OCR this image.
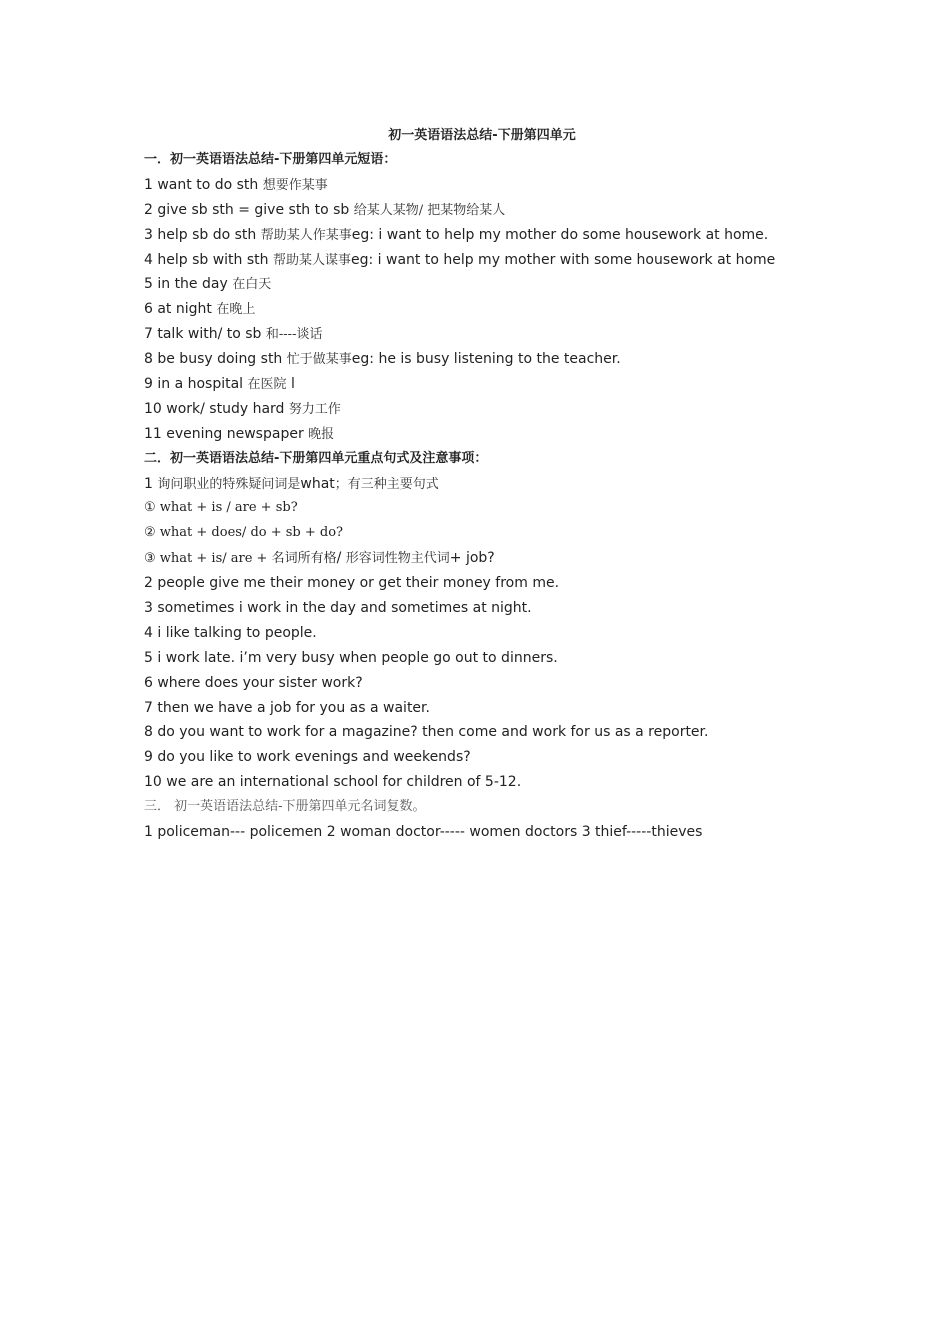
初一英语语法总结-下册第四单元
一．初一英语语法总结-下册第四单元短语：
1 want to do sth 想要作某事
2 give sb sth = give sth to sb 给某人某物/ 把某物给某人
3 help sb do sth 帮助某人作某事eg: i want to help my mother do some housework at home.
4 help sb with sth 帮助某人谋事eg: i want to help my mother with some housework at home
5 in the day 在白天
6 at night 在晚上
7 talk with/ to sb 和----谈话
8 be busy doing sth 忙于做某事eg: he is busy listening to the teacher.
9 in a hospital 在医院 l
10 work/ study hard 努力工作
11 evening newspaper 晚报
二．初一英语语法总结-下册第四单元重点句式及注意事项：
1 询问职业的特殊疑问词是what；有三种主要句式
① what + is / are + sb?
② what + does/ do + sb + do?
③ what + is/ are + 名词所有格/ 形容词性物主代词+ job?
2 people give me their money or get their money from me.
3 sometimes i work in the day and sometimes at night.
4 i like talking to people.
5 i work late. i’m very busy when people go out to dinners.
6 where does your sister work?
7 then we have a job for you as a waiter.
8 do you want to work for a magazine? then come and work for us as a reporter.
9 do you like to work evenings and weekends?
10 we are an international school for children of 5-12.
三． 初一英语语法总结-下册第四单元名词复数。
1 policeman--- policemen 2 woman doctor----- women doctors 3 thief-----thieves
